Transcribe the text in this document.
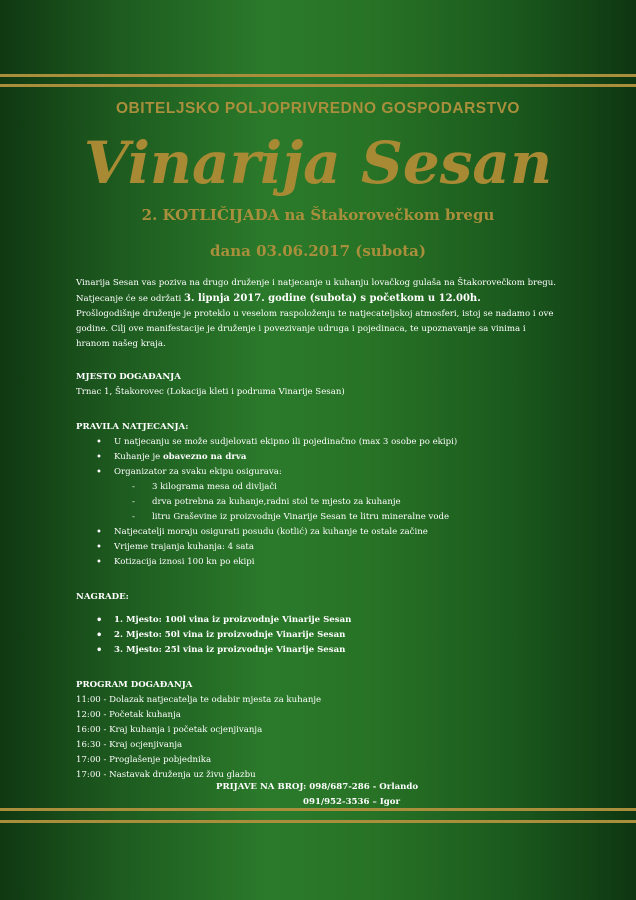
OBITELJSKO POLJOPRIVREDNO GOSPODARSTVO
Vinarija Sesan
2. KOTLIČIJADA na Štakorovečkom bregu
dana 03.06.2017 (subota)

Vinarija Sesan vas poziva na drugo druženje i natjecanje u kuhanju lovačkog gulaša na Štakorovečkom bregu. Natjecanje će se održati 3. lipnja 2017. godine (subota) s početkom u 12.00h.

Prošlogodišnje druženje je proteklo u veselom raspoloženju te natjecateljskoj atmosferi, istoj se nadamo i ove godine. Cilj ove manifestacije je druženje i povezivanje udruga i pojedinaca, te upoznavanje sa vinima i hranom našeg kraja.

MJESTO DOGAĐANJA

Trnac 1, Štakorovec (Lokacija kleti i podruma Vinarije Sesan)

PRAVILA NATJECANJA:

• U natjecanju se može sudjelovati ekipno ili pojedinačno (max 3 osobe po ekipi)
• Kuhanje je obavezno na drva
• Organizator za svaku ekipu osigurava:
- 3 kilograma mesa od divljači
- drva potrebna za kuhanje,radni stol te mjesto za kuhanje
- litru Graševine iz proizvodnje Vinarije Sesan te litru mineralne vode
• Natjecatelji moraju osigurati posudu (kotlić) za kuhanje te ostale začine
• Vrijeme trajanja kuhanja: 4 sata
• Kotizacija iznosi 100 kn po ekipi

NAGRADE:

• 1. Mjesto: 100l vina iz proizvodnje Vinarije Sesan
• 2. Mjesto: 50l vina iz proizvodnje Vinarije Sesan
• 3. Mjesto: 25l vina iz proizvodnje Vinarije Sesan

PROGRAM DOGAĐANJA

11:00 - Dolazak natjecatelja te odabir mjesta za kuhanje
12:00 - Početak kuhanja
16:00 - Kraj kuhanja i početak ocjenjivanja
16:30 - Kraj ocjenjivanja
17:00 - Proglašenje pobjednika
17:00 - Nastavak druženja uz živu glazbu
PRIJAVE NA BROJ: 098/687-286 - Orlando
091/952-3536 – Igor
